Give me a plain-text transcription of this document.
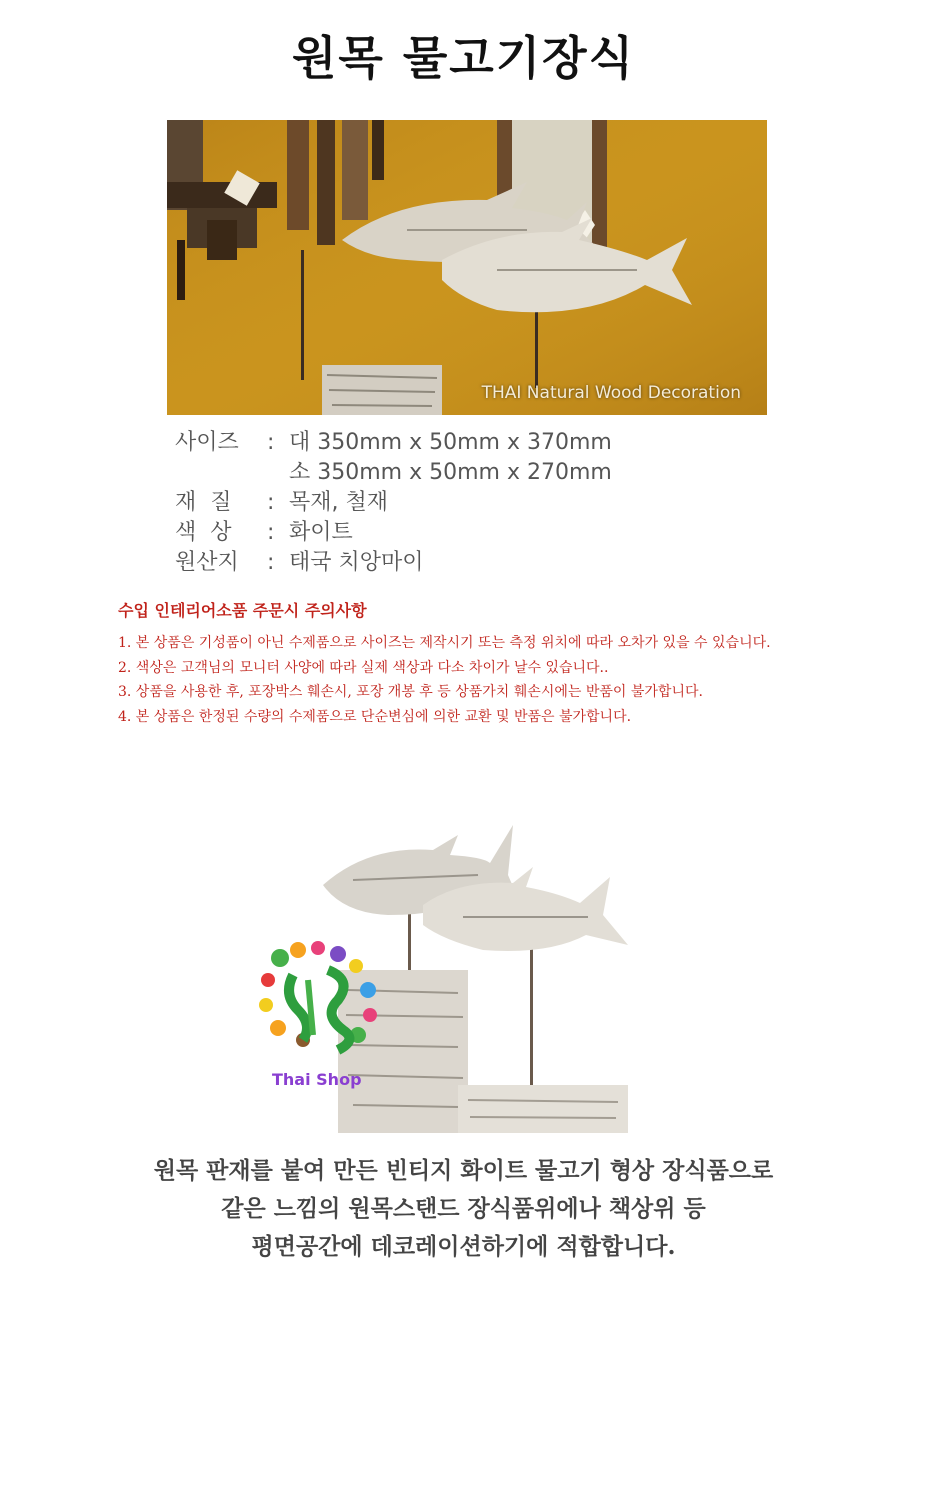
원목 물고기장식
THAI Natural Wood Decoration
사이즈	: 대 350mm x 50mm x 370mm

소 350mm x 50mm x 270mm
재  질	: 목재, 철재
색  상	: 화이트
원산지	: 태국 치앙마이
수입 인테리어소품 주문시 주의사항
1. 본 상품은 기성품이 아닌 수제품으로 사이즈는 제작시기 또는 측정 위치에 따라 오차가 있을 수 있습니다.
2. 색상은 고객님의 모니터 사양에 따라 실제 색상과 다소 차이가 날수 있습니다..
3. 상품을 사용한 후, 포장박스 훼손시, 포장 개봉 후 등 상품가치 훼손시에는 반품이 불가합니다.
4. 본 상품은 한정된 수량의 수제품으로 단순변심에 의한 교환 및 반품은 불가합니다.
Thai Shop
원목 판재를 붙여 만든 빈티지 화이트 물고기 형상 장식품으로
같은 느낌의 원목스탠드 장식품위에나 책상위 등
평면공간에 데코레이션하기에 적합합니다.
